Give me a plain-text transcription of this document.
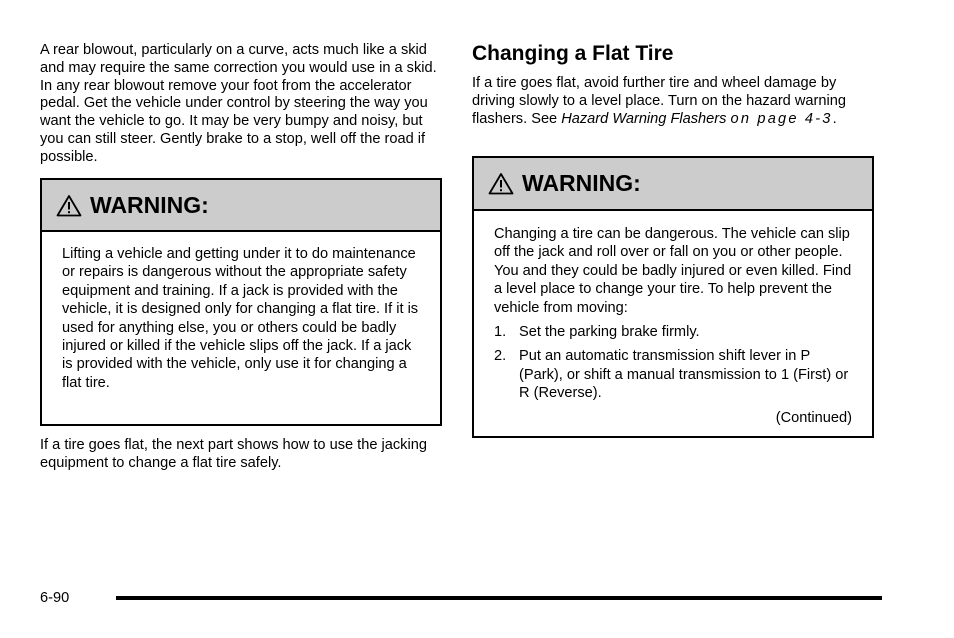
A rear blowout, particularly on a curve, acts much like a skid and may require the same correction you would use in a skid. In any rear blowout remove your foot from the accelerator pedal. Get the vehicle under control by steering the way you want the vehicle to go. It may be very bumpy and noisy, but you can still steer. Gently brake to a stop, well off the road if possible.

WARNING:
Lifting a vehicle and getting under it to do maintenance or repairs is dangerous without the appropriate safety equipment and training. If a jack is provided with the vehicle, it is designed only for changing a flat tire. If it is used for anything else, you or others could be badly injured or killed if the vehicle slips off the jack. If a jack is provided with the vehicle, only use it for changing a flat tire.

If a tire goes flat, the next part shows how to use the jacking equipment to change a flat tire safely.

Changing a Flat Tire

If a tire goes flat, avoid further tire and wheel damage by driving slowly to a level place. Turn on the hazard warning flashers. See Hazard Warning Flashers on page 4-3.

WARNING:
Changing a tire can be dangerous. The vehicle can slip off the jack and roll over or fall on you or other people. You and they could be badly injured or even killed. Find a level place to change your tire. To help prevent the vehicle from moving:
1. Set the parking brake firmly.
2. Put an automatic transmission shift lever in P (Park), or shift a manual transmission to 1 (First) or R (Reverse).
(Continued)
6-90
